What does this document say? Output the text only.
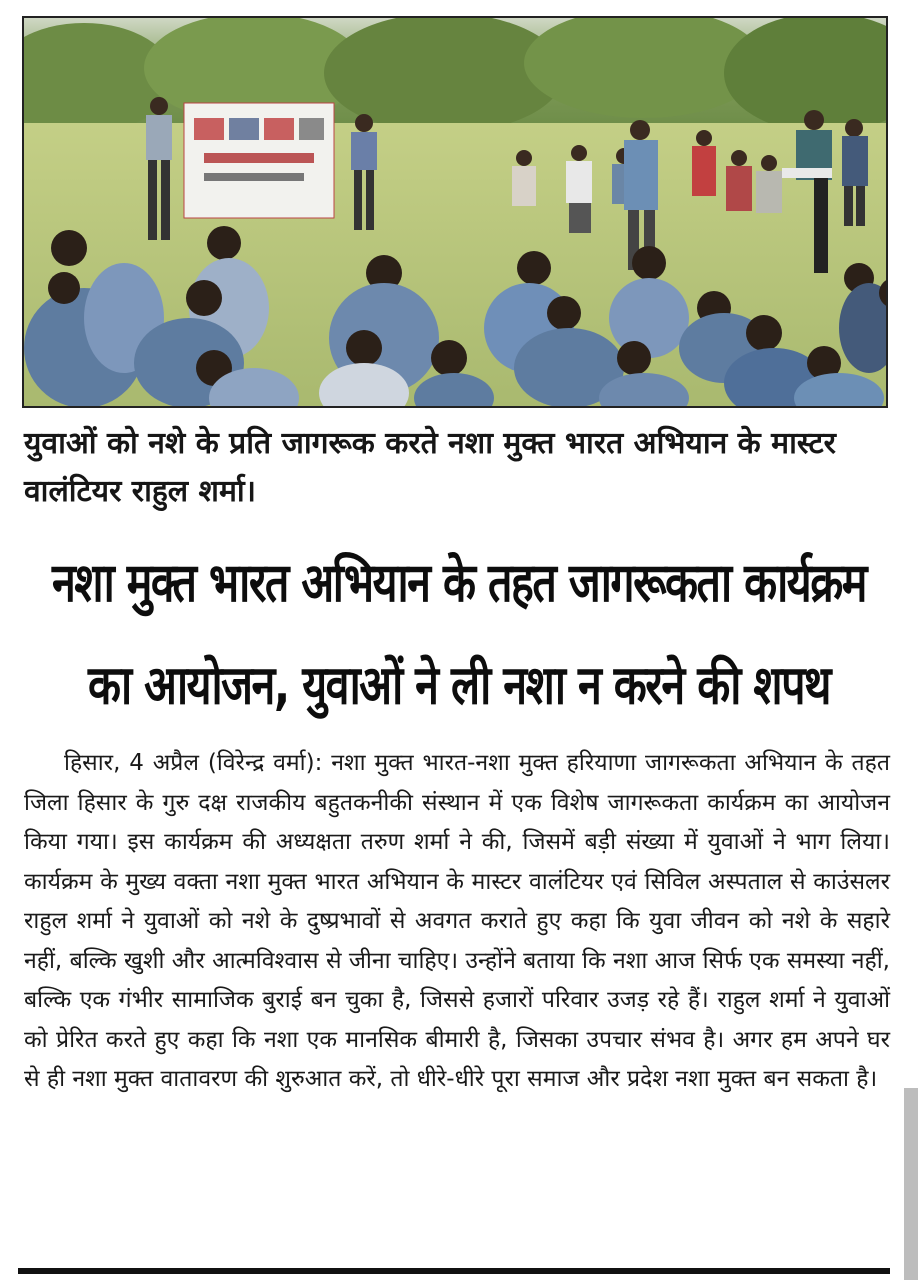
युवाओं को नशे के प्रति जागरूक करते नशा मुक्त भारत अभियान के मास्टर वालंटियर राहुल शर्मा।
नशा मुक्त भारत अभियान के तहत जागरूकता कार्यक्रम
का आयोजन, युवाओं ने ली नशा न करने की शपथ
हिसार, 4 अप्रैल (विरेन्द्र वर्मा): नशा मुक्त भारत-नशा मुक्त हरियाणा जागरूकता अभियान के तहत जिला हिसार के गुरु दक्ष राजकीय बहुतकनीकी संस्थान में एक विशेष जागरूकता कार्यक्रम का आयोजन किया गया। इस कार्यक्रम की अध्यक्षता तरुण शर्मा ने की, जिसमें बड़ी संख्या में युवाओं ने भाग लिया। कार्यक्रम के मुख्य वक्ता नशा मुक्त भारत अभियान के मास्टर वालंटियर एवं सिविल अस्पताल से काउंसलर राहुल शर्मा ने युवाओं को नशे के दुष्प्रभावों से अवगत कराते हुए कहा कि युवा जीवन को नशे के सहारे नहीं, बल्कि खुशी और आत्मविश्वास से जीना चाहिए। उन्होंने बताया कि नशा आज सिर्फ एक समस्या नहीं, बल्कि एक गंभीर सामाजिक बुराई बन चुका है, जिससे हजारों परिवार उजड़ रहे हैं। राहुल शर्मा ने युवाओं को प्रेरित करते हुए कहा कि नशा एक मानसिक बीमारी है, जिसका उपचार संभव है। अगर हम अपने घर से ही नशा मुक्त वातावरण की शुरुआत करें, तो धीरे-धीरे पूरा समाज और प्रदेश नशा मुक्त बन सकता है।
